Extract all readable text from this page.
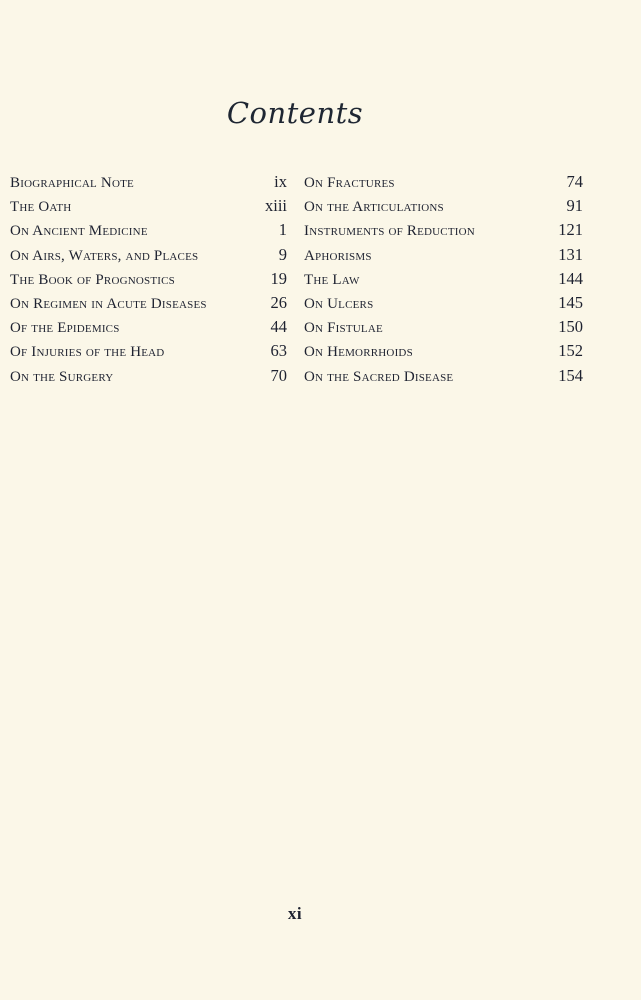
Contents
Biographical Note	ix
The Oath	xiii
On Ancient Medicine	1
On Airs, Waters, and Places	9
The Book of Prognostics	19
On Regimen in Acute Diseases	26
Of the Epidemics	44
Of Injuries of the Head	63
On the Surgery	70
On Fractures	74
On the Articulations	91
Instruments of Reduction	121
Aphorisms	131
The Law	144
On Ulcers	145
On Fistulae	150
On Hemorrhoids	152
On the Sacred Disease	154
xi
